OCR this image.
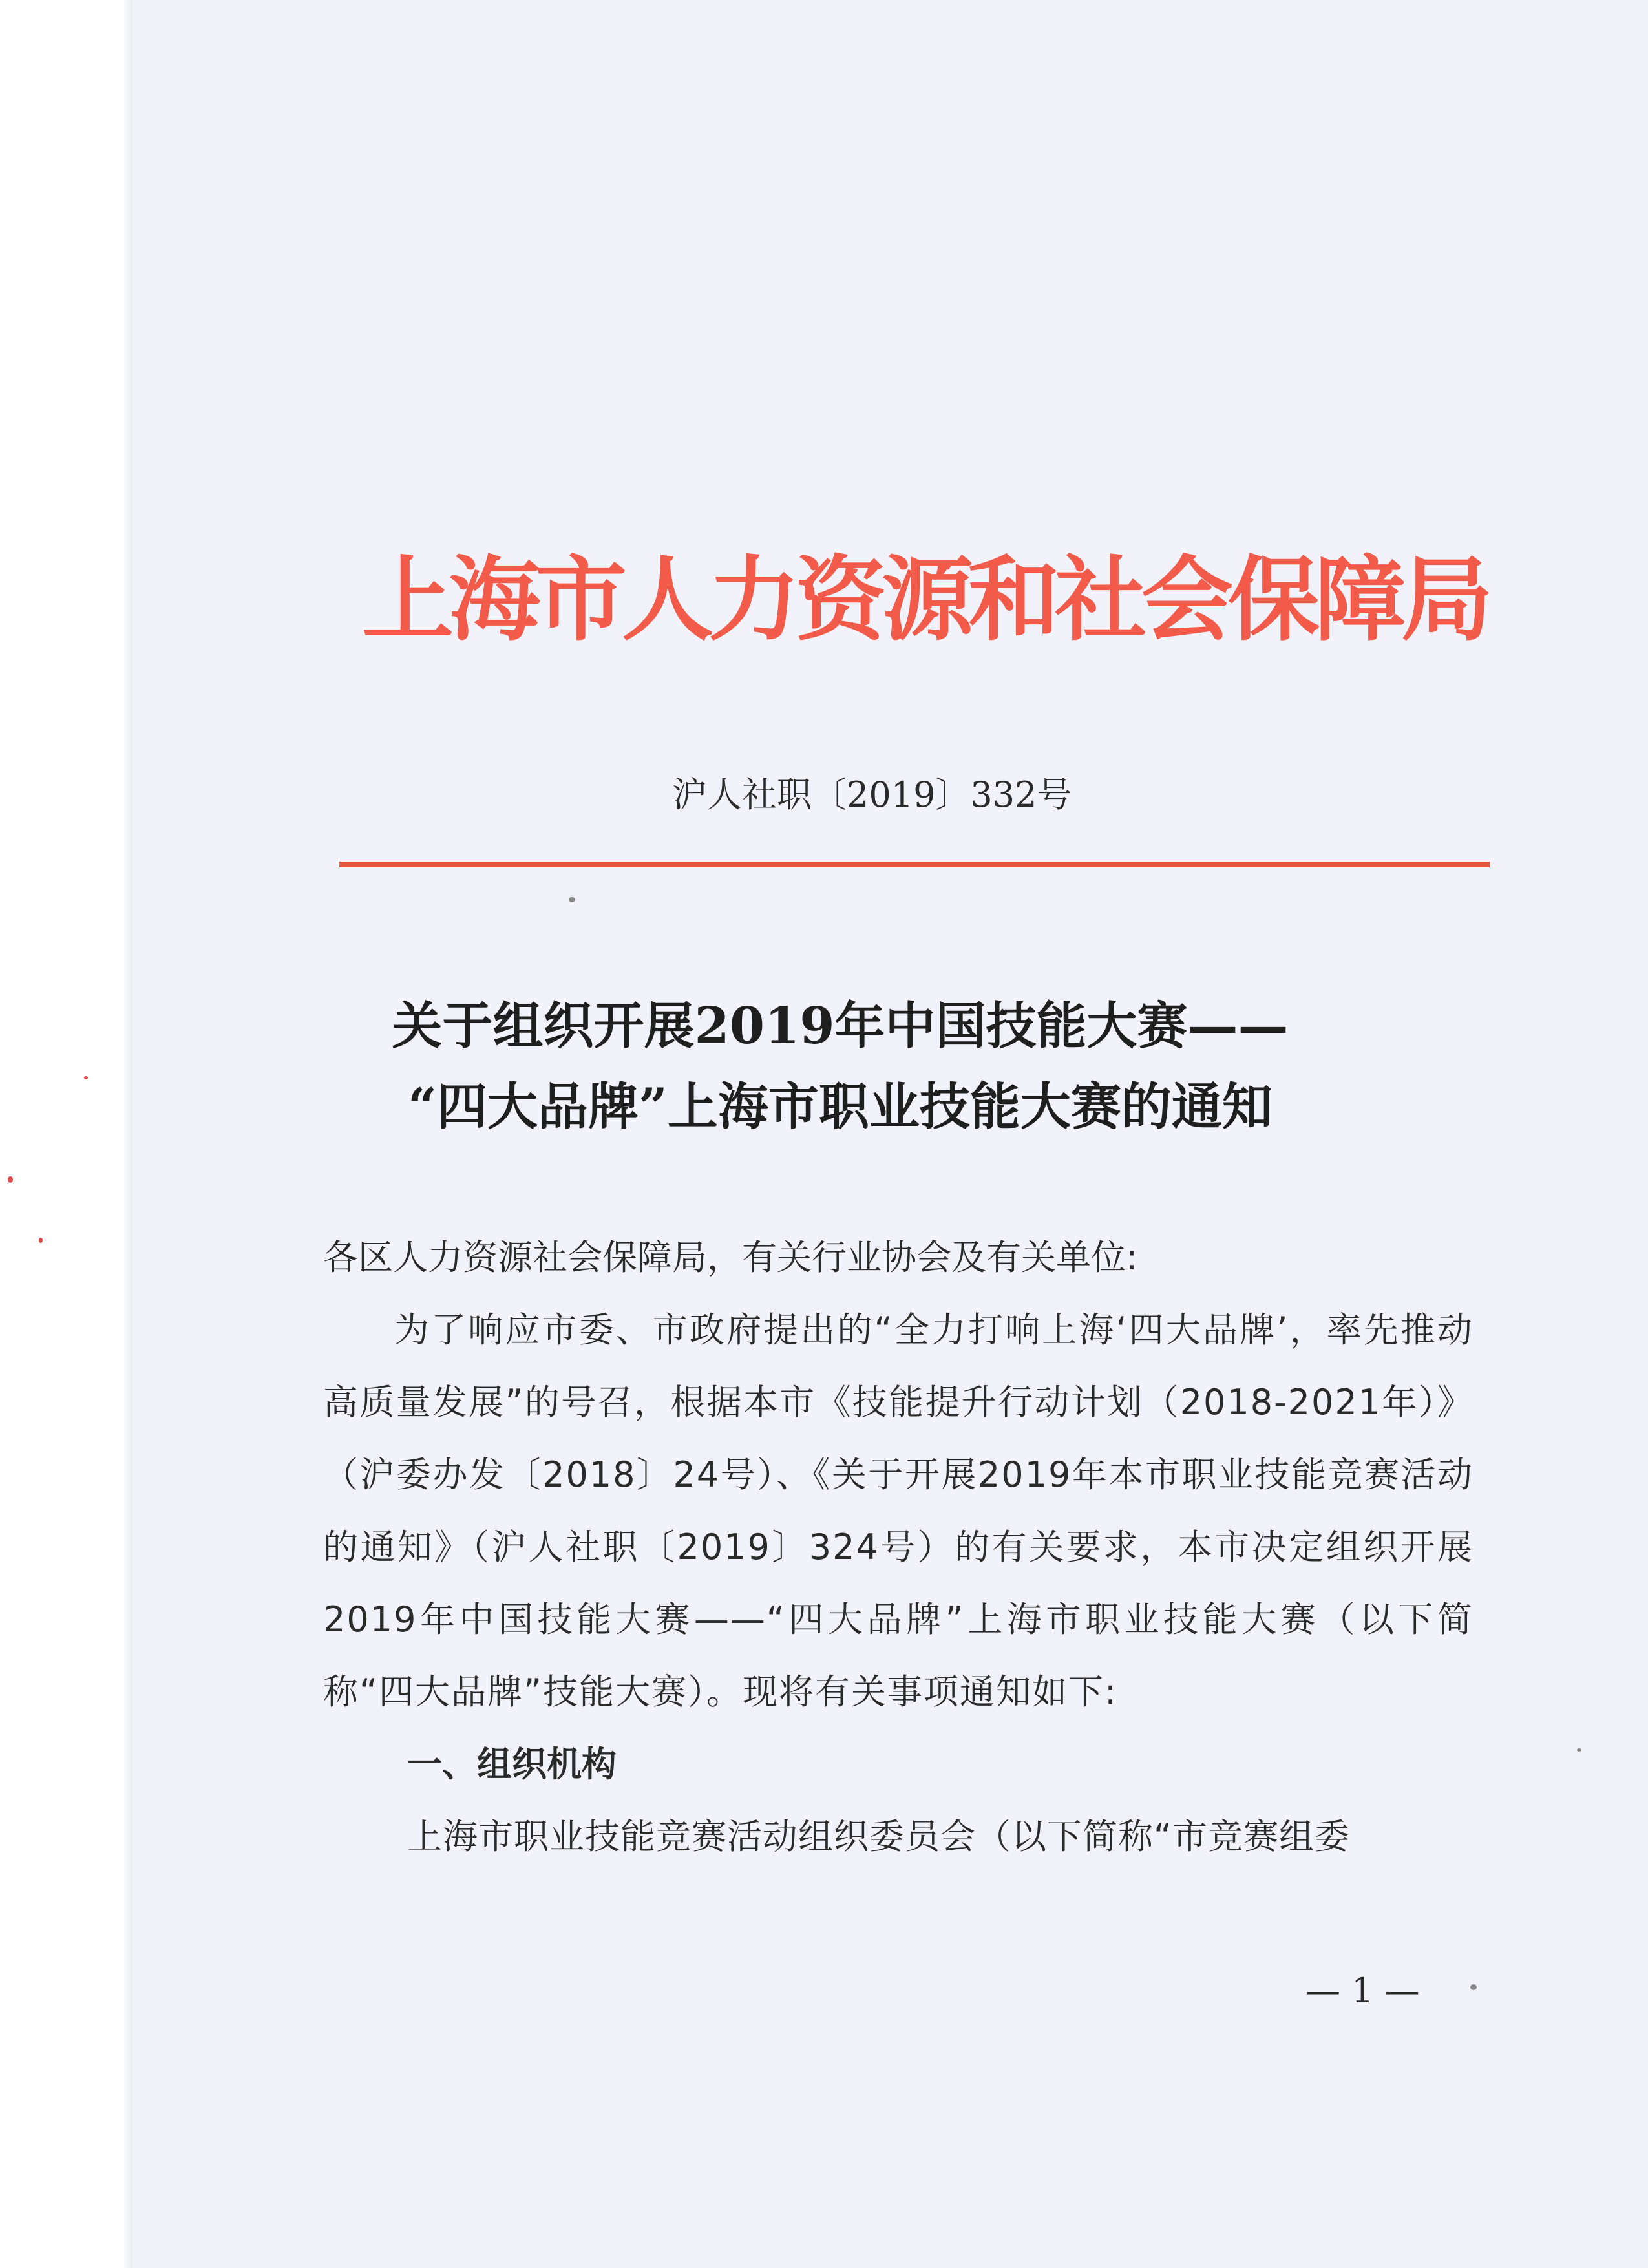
上海市人力资源和社会保障局
沪人社职〔2019〕332号
关于组织开展2019年中国技能大赛——
“四大品牌”上海市职业技能大赛的通知

各区人力资源社会保障局，有关行业协会及有关单位:

为了响应市委、市政府提出的“全力打响上海‘四大品牌’，率先推动高质量发展”的号召，根据本市《技能提升行动计划（2018-2021年）》（沪委办发〔2018〕24号）、《关于开展2019年本市职业技能竞赛活动的通知》（沪人社职〔2019〕324号）的有关要求，本市决定组织开展2019年中国技能大赛——“四大品牌”上海市职业技能大赛（以下简称“四大品牌”技能大赛）。现将有关事项通知如下:

一、组织机构

上海市职业技能竞赛活动组织委员会（以下简称“市竞赛组委

— 1 —
